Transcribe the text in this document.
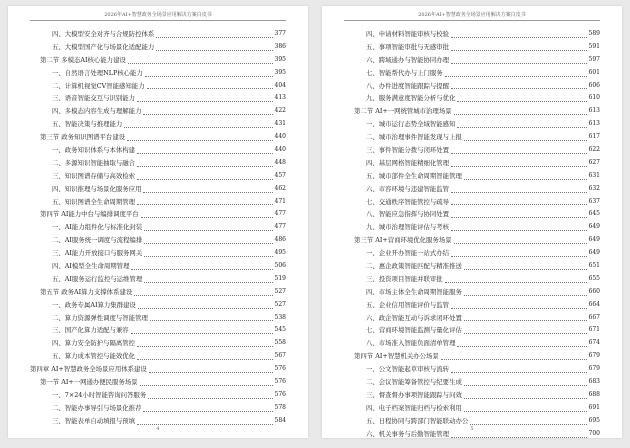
2026年AI+智慧政务全场景应用解决方案白皮书
四、大模型安全对齐与合规防控体系	377
五、大模型国产化与场景化适配能力	386
第二节 多模态AI核心能力建设	395
一、自然语言处理NLP核心能力	395
二、计算机视觉CV智能感知能力	404
三、语音智能交互与识别能力	413
四、多模态内容生成与理解能力	422
五、智能决策与推理能力	431
第三节 政务知识图谱平台建设	440
一、政务知识体系与本体构建	440
二、多源知识智能抽取与融合	448
三、知识图谱存储与高效检索	457
四、知识推理与场景化服务应用	462
五、知识图谱全生命周期管理	471
第四节 AI能力中台与编排调度平台	477
一、AI能力组件化与标准化封装	477
二、AI服务统一调度与流程编排	486
三、AI能力开放接口与服务网关	495
四、AI模型全生命周期管理	506
五、AI服务运行监控与运维管理	519
第五节 政务AI算力支撑体系建设	527
一、政务专属AI算力集群建设	527
二、算力资源弹性调度与智能管理	538
三、国产化算力适配与兼容	545
四、算力安全防护与隔离管控	558
五、算力成本管控与能效优化	567
第四章 AI+智慧政务全场景应用体系建设	576
第一节 AI+一网通办便民服务场景	576
一、7×24小时智能咨询问答服务	576
二、智能办事导引与场景化推荐	578
三、智能表单自动填报与预填	584
4
2026年AI+智慧政务全场景应用解决方案白皮书
四、申请材料智能审核与校验	589
五、事项智能审批与无感审批	591
六、跨域通办与智能协同办理	597
七、智能帮代办与上门服务	601
八、办件进度智能跟踪与提醒	606
九、服务满意度智能分析与优化	610
第二节 AI+一网统管城市治理场景	613
一、城市运行态势全域智能感知	613
二、城市治理事件智能发现与上报	617
三、事件智能分拨与闭环处置	622
四、基层网格智能精细化管理	627
五、城市部件全生命周期智能管理	631
六、市容环境与违建智能监管	632
七、交通秩序智能管控与疏导	637
八、智能应急指挥与协同处置	645
九、城市治理智能评估与考核	649
第三节 AI+营商环境优化服务场景	649
一、企业开办智能一站式办结	649
二、惠企政策智能匹配与精准推送	651
三、投资项目智能并联审批	655
四、市场主体全生命周期智能服务	660
五、企业信用智能评价与监管	664
六、政企智能互动与诉求闭环处置	667
七、营商环境智能监测与量化评估	671
八、市场准入智能负面清单管理	674
第四节 AI+智慧机关办公场景	679
一、公文智能起草审核与流转	679
二、会议智能筹备管控与纪要生成	683
三、督查督办事项智能跟踪与问效	688
四、电子档案智能归档与检索利用	691
五、日程协同与跨部门智能联动办公	695
六、机关事务与后勤智能管理	700
5
